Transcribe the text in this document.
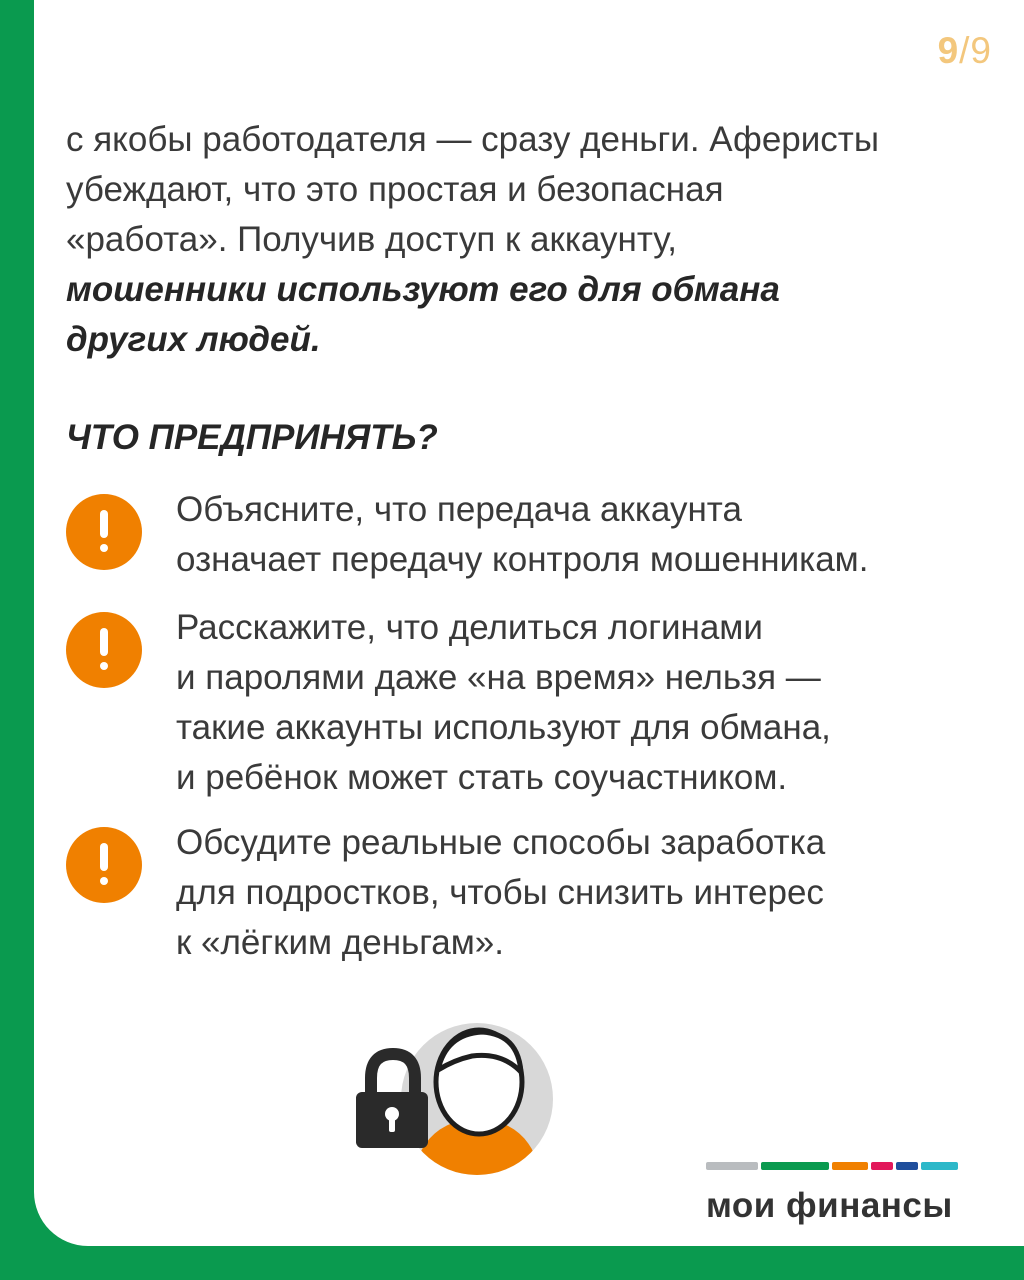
9/9
с якобы работодателя — сразу деньги. Аферисты
убеждают, что это простая и безопасная
«работа». Получив доступ к аккаунту,
мошенники используют его для обмана
других людей.
ЧТО ПРЕДПРИНЯТЬ?
Объясните, что передача аккаунта
означает передачу контроля мошенникам.
Расскажите, что делиться логинами
и паролями даже «на время» нельзя —
такие аккаунты используют для обмана,
и ребёнок может стать соучастником.
Обсудите реальные способы заработка
для подростков, чтобы снизить интерес
к «лёгким деньгам».
мои финансы
